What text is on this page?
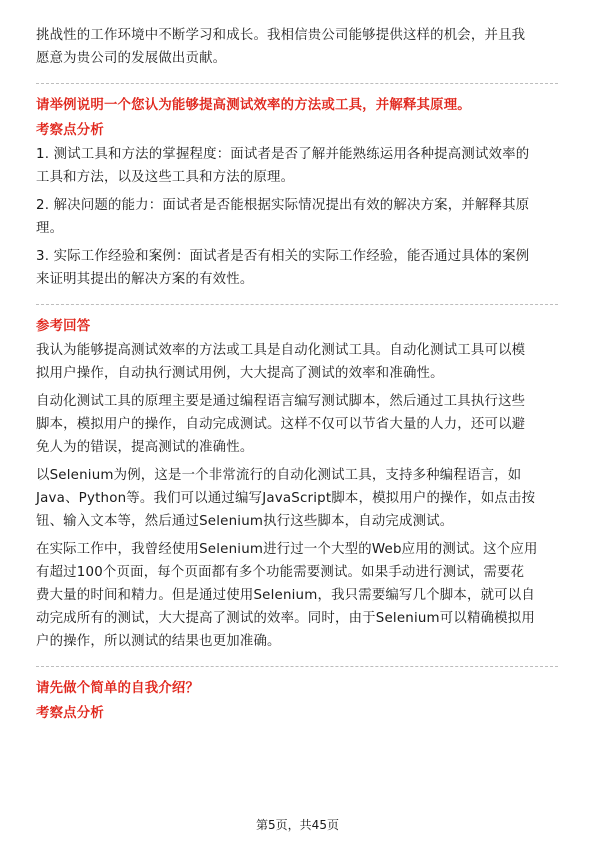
挑战性的工作环境中不断学习和成长。我相信贵公司能够提供这样的机会，并且我

愿意为贵公司的发展做出贡献。

请举例说明一个您认为能够提高测试效率的方法或工具，并解释其原理。

考察点分析

1. 测试工具和方法的掌握程度：面试者是否了解并能熟练运用各种提高测试效率的

工具和方法，以及这些工具和方法的原理。

2. 解决问题的能力：面试者是否能根据实际情况提出有效的解决方案，并解释其原

理。

3. 实际工作经验和案例：面试者是否有相关的实际工作经验，能否通过具体的案例

来证明其提出的解决方案的有效性。

参考回答

我认为能够提高测试效率的方法或工具是自动化测试工具。自动化测试工具可以模

拟用户操作，自动执行测试用例，大大提高了测试的效率和准确性。

自动化测试工具的原理主要是通过编程语言编写测试脚本，然后通过工具执行这些

脚本，模拟用户的操作，自动完成测试。这样不仅可以节省大量的人力，还可以避

免人为的错误，提高测试的准确性。

以Selenium为例，这是一个非常流行的自动化测试工具，支持多种编程语言，如

Java、Python等。我们可以通过编写JavaScript脚本，模拟用户的操作，如点击按

钮、输入文本等，然后通过Selenium执行这些脚本，自动完成测试。

在实际工作中，我曾经使用Selenium进行过一个大型的Web应用的测试。这个应用

有超过100个页面，每个页面都有多个功能需要测试。如果手动进行测试，需要花

费大量的时间和精力。但是通过使用Selenium，我只需要编写几个脚本，就可以自

动完成所有的测试，大大提高了测试的效率。同时，由于Selenium可以精确模拟用

户的操作，所以测试的结果也更加准确。

请先做个简单的自我介绍？

考察点分析

第5页，共45页
